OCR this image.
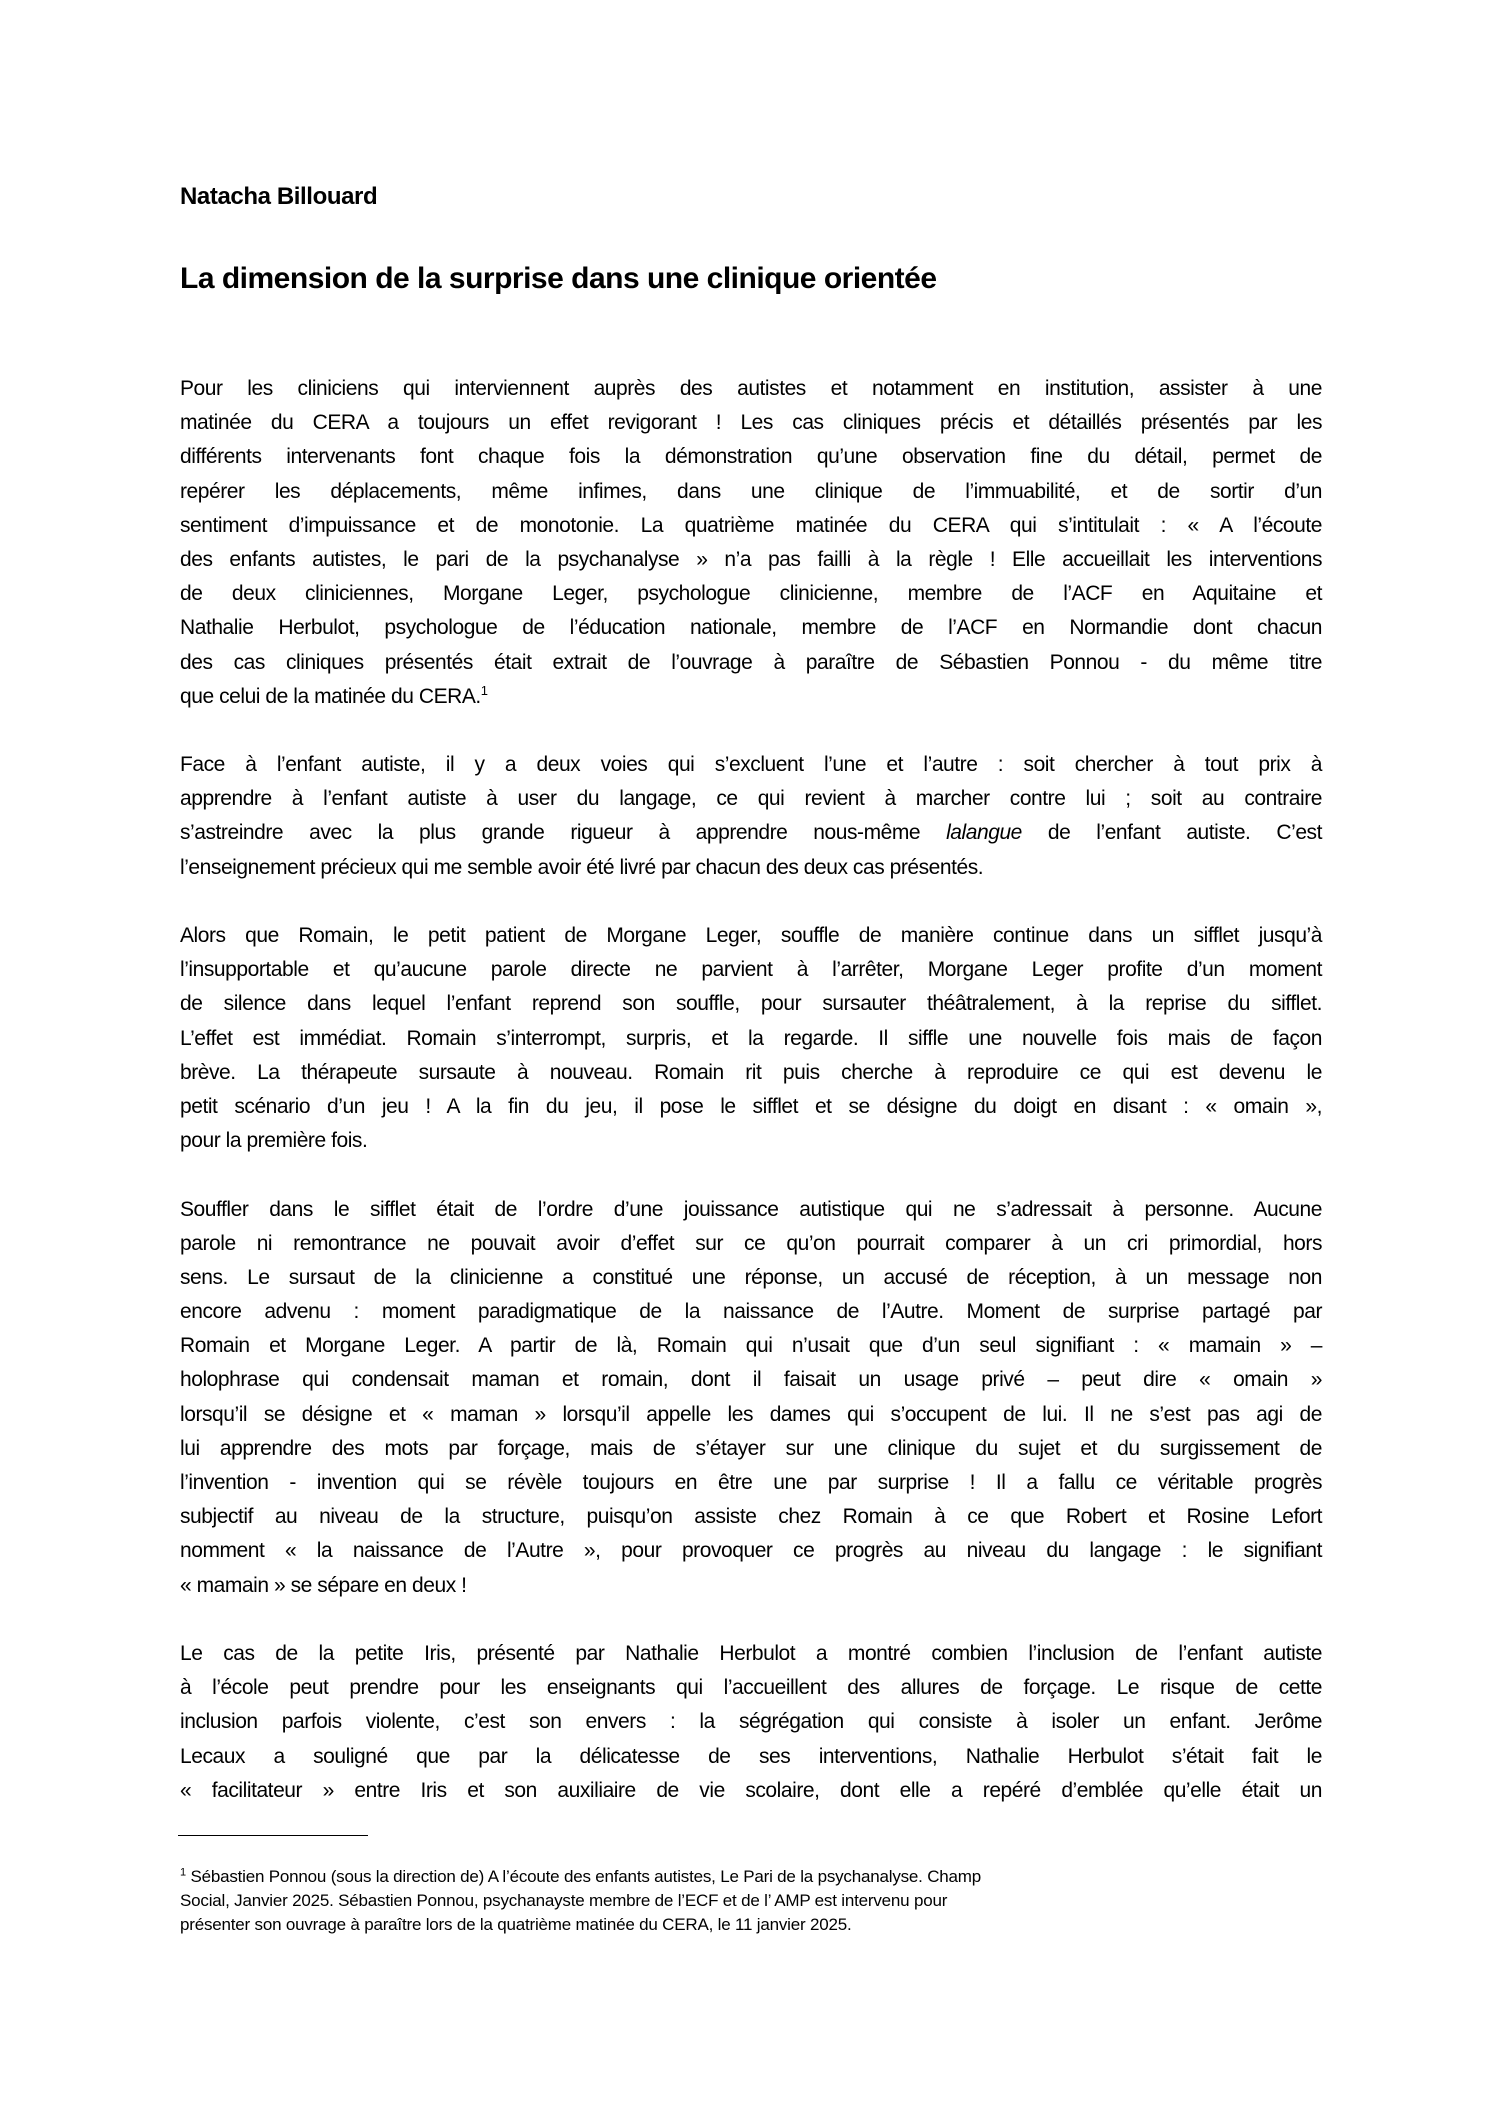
Natacha Billouard
La dimension de la surprise dans une clinique orientée
Pour les cliniciens qui interviennent auprès des autistes et notamment en institution, assister à une
matinée du CERA a toujours un effet revigorant ! Les cas cliniques précis et détaillés présentés par les
différents intervenants font chaque fois la démonstration qu’une observation fine du détail, permet de
repérer les déplacements, même infimes, dans une clinique de l’immuabilité, et de sortir d’un
sentiment d’impuissance et de monotonie. La quatrième matinée du CERA qui s’intitulait : « A l’écoute
des enfants autistes, le pari de la psychanalyse » n’a pas failli à la règle ! Elle accueillait les interventions
de deux cliniciennes, Morgane Leger, psychologue clinicienne, membre de l’ACF en Aquitaine et
Nathalie Herbulot, psychologue de l’éducation nationale, membre de l’ACF en Normandie dont chacun
des cas cliniques présentés était extrait de l’ouvrage à paraître de Sébastien Ponnou - du même titre
que celui de la matinée du CERA.$^1$
Face à l’enfant autiste, il y a deux voies qui s’excluent l’une et l’autre : soit chercher à tout prix à
apprendre à l’enfant autiste à user du langage, ce qui revient à marcher contre lui ; soit au contraire
s’astreindre avec la plus grande rigueur à apprendre nous-même lalangue de l’enfant autiste. C’est
l’enseignement précieux qui me semble avoir été livré par chacun des deux cas présentés.
Alors que Romain, le petit patient de Morgane Leger, souffle de manière continue dans un sifflet jusqu’à
l’insupportable et qu’aucune parole directe ne parvient à l’arrêter, Morgane Leger profite d’un moment
de silence dans lequel l’enfant reprend son souffle, pour sursauter théâtralement, à la reprise du sifflet.
L’effet est immédiat. Romain s’interrompt, surpris, et la regarde. Il siffle une nouvelle fois mais de façon
brève. La thérapeute sursaute à nouveau. Romain rit puis cherche à reproduire ce qui est devenu le
petit scénario d’un jeu ! A la fin du jeu, il pose le sifflet et se désigne du doigt en disant : « omain »,
pour la première fois.
Souffler dans le sifflet était de l’ordre d’une jouissance autistique qui ne s’adressait à personne. Aucune
parole ni remontrance ne pouvait avoir d’effet sur ce qu’on pourrait comparer à un cri primordial, hors
sens. Le sursaut de la clinicienne a constitué une réponse, un accusé de réception, à un message non
encore advenu : moment paradigmatique de la naissance de l’Autre. Moment de surprise partagé par
Romain et Morgane Leger. A partir de là, Romain qui n’usait que d’un seul signifiant : « mamain » –
holophrase qui condensait maman et romain, dont il faisait un usage privé – peut dire « omain »
lorsqu’il se désigne et « maman » lorsqu’il appelle les dames qui s’occupent de lui. Il ne s’est pas agi de
lui apprendre des mots par forçage, mais de s’étayer sur une clinique du sujet et du surgissement de
l’invention - invention qui se révèle toujours en être une par surprise ! Il a fallu ce véritable progrès
subjectif au niveau de la structure, puisqu’on assiste chez Romain à ce que Robert et Rosine Lefort
nomment « la naissance de l’Autre », pour provoquer ce progrès au niveau du langage : le signifiant
« mamain » se sépare en deux !
Le cas de la petite Iris, présenté par Nathalie Herbulot a montré combien l’inclusion de l’enfant autiste
à l’école peut prendre pour les enseignants qui l’accueillent des allures de forçage. Le risque de cette
inclusion parfois violente, c’est son envers : la ségrégation qui consiste à isoler un enfant. Jerôme
Lecaux a souligné que par la délicatesse de ses interventions, Nathalie Herbulot s’était fait le
« facilitateur » entre Iris et son auxiliaire de vie scolaire, dont elle a repéré d’emblée qu’elle était un
$^1$ Sébastien Ponnou (sous la direction de) A l’écoute des enfants autistes, Le Pari de la psychanalyse. Champ
Social, Janvier 2025. Sébastien Ponnou, psychanayste membre de l’ECF et de l’ AMP est intervenu pour
présenter son ouvrage à paraître lors de la quatrième matinée du CERA, le 11 janvier 2025.
